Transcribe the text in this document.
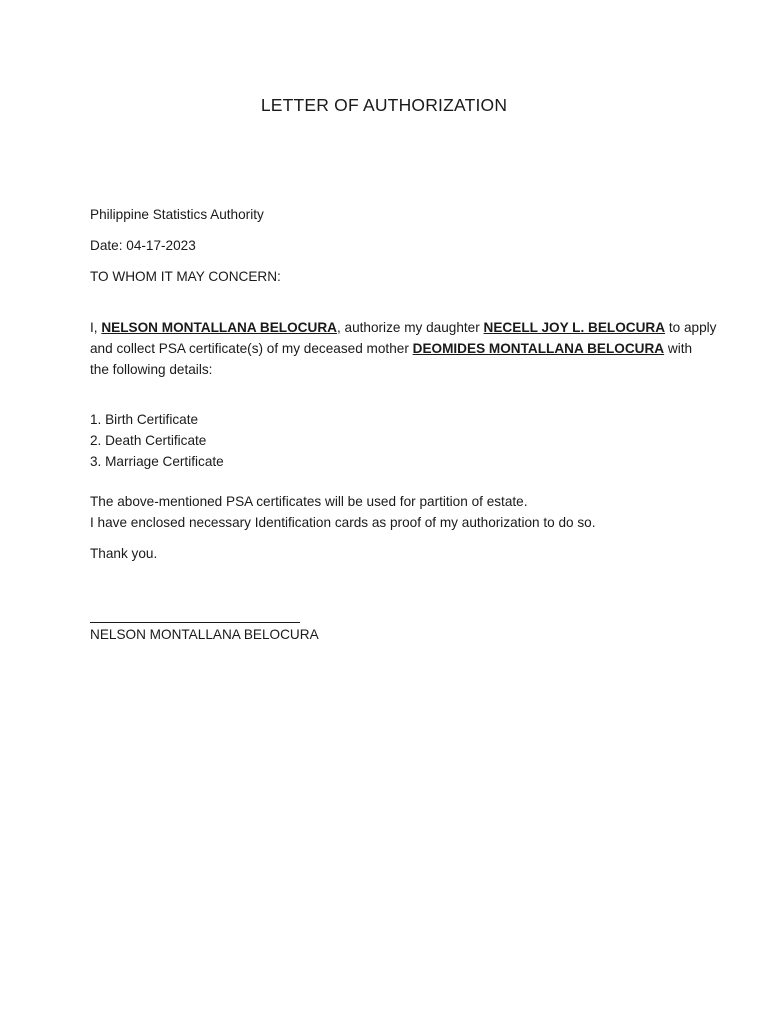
LETTER OF AUTHORIZATION
Philippine Statistics Authority
Date: 04-17-2023
TO WHOM IT MAY CONCERN:
I, NELSON MONTALLANA BELOCURA, authorize my daughter NECELL JOY L. BELOCURA to apply
and collect PSA certificate(s) of my deceased mother DEOMIDES MONTALLANA BELOCURA with
the following details:
1. Birth Certificate
2. Death Certificate
3. Marriage Certificate
The above-mentioned PSA certificates will be used for partition of estate.
I have enclosed necessary Identification cards as proof of my authorization to do so.
Thank you.
NELSON MONTALLANA BELOCURA
